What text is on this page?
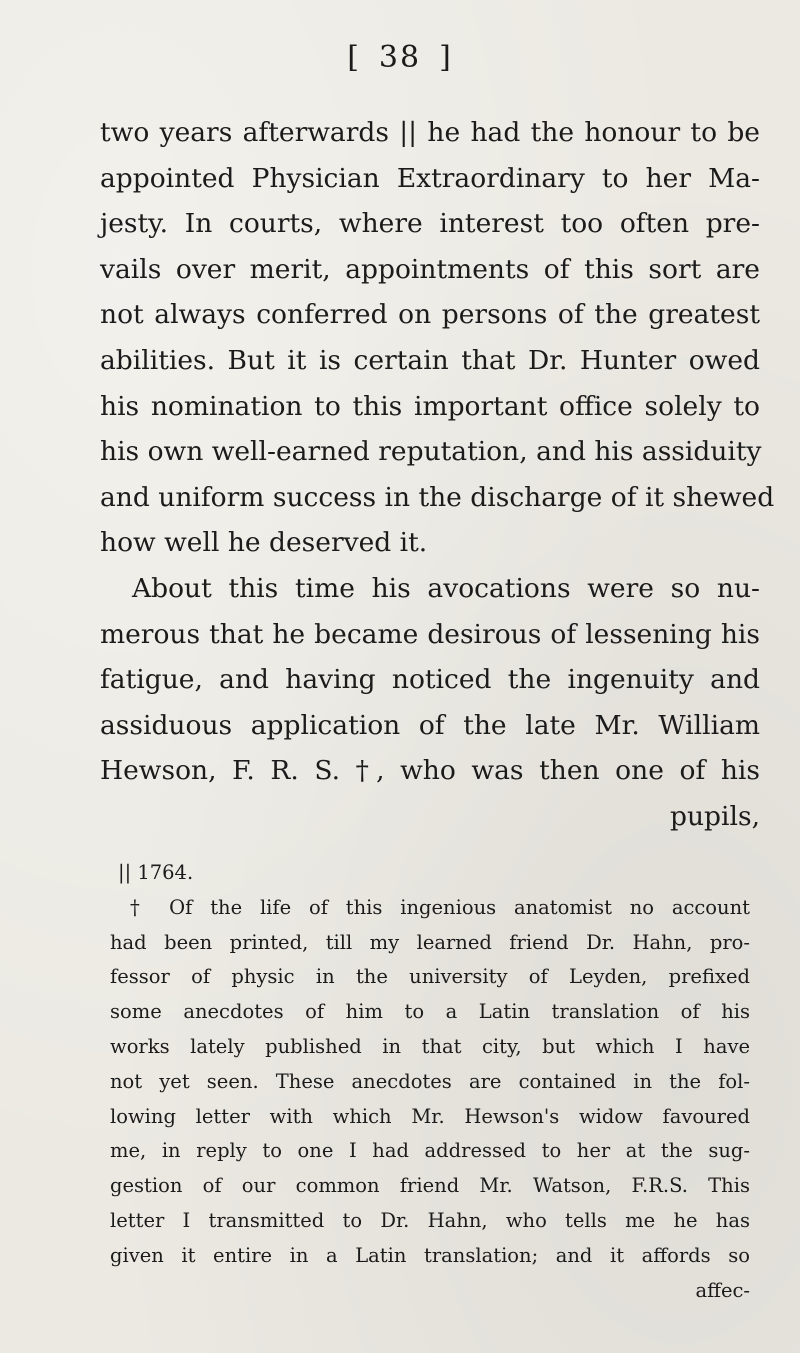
[ 38 ]
two years afterwards || he had the honour to be
appointed Physician Extraordinary to her Ma-
jesty. In courts, where interest too often pre-
vails over merit, appointments of this sort are
not always conferred on persons of the greatest
abilities. But it is certain that Dr. Hunter owed
his nomination to this important office solely to
his own well-earned reputation, and his assiduity
and uniform success in the discharge of it shewed
how well he deserved it.
About this time his avocations were so nu-
merous that he became desirous of lessening his
fatigue, and having noticed the ingenuity and
assiduous application of the late Mr. William
Hewson, F. R. S. †, who was then one of his
pupils,
|| 1764.
† Of the life of this ingenious anatomist no account
had been printed, till my learned friend Dr. Hahn, pro-
fessor of physic in the university of Leyden, prefixed
some anecdotes of him to a Latin translation of his
works lately published in that city, but which I have
not yet seen. These anecdotes are contained in the fol-
lowing letter with which Mr. Hewson's widow favoured
me, in reply to one I had addressed to her at the sug-
gestion of our common friend Mr. Watson, F.R.S. This
letter I transmitted to Dr. Hahn, who tells me he has
given it entire in a Latin translation; and it affords so
affec-
